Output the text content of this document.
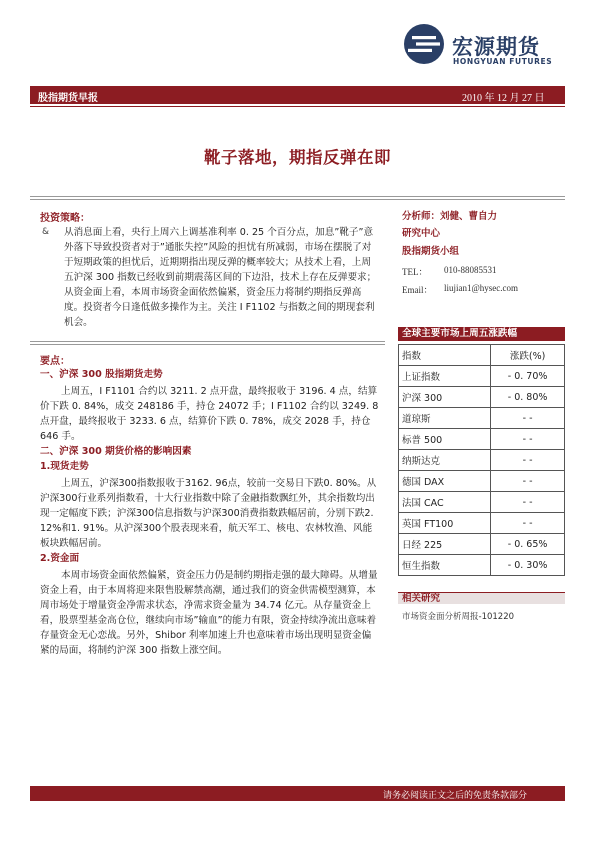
宏源期货
HONGYUAN FUTURES
股指期货早报	2010 年 12 月 27 日
靴子落地，期指反弹在即
投资策略：
& 从消息面上看，央行上周六上调基准利率 0. 25 个百分点，加息”靴子”意外落下导致投资者对于”通胀失控”风险的担忧有所减弱，市场在摆脱了对于短期政策的担忧后，近期期指出现反弹的概率较大；从技术上看，上周五沪深 300 指数已经收到前期震荡区间的下边沿，技术上存在反弹要求；从资金面上看，本周市场资金面依然偏紧，资金压力将制约期指反弹高度。投资者今日逢低做多操作为主。关注 I F1102 与指数之间的期现套利机会。
要点：
一、沪深 300 股指期货走势
上周五，I F1101 合约以 3211. 2 点开盘，最终报收于 3196. 4 点，结算价下跌 0. 84%，成交 248186 手，持仓 24072 手；I F1102 合约以 3249. 8 点开盘，最终报收于 3233. 6 点，结算价下跌 0. 78%，成交 2028 手，持仓 646 手。
二、沪深 300 期货价格的影响因素
1.现货走势
上周五，沪深300指数报收于3162. 96点，较前一交易日下跌0. 80%。从沪深300行业系列指数看，十大行业指数中除了金融指数飘红外，其余指数均出现一定幅度下跌；沪深300信息指数与沪深300消费指数跌幅居前，分别下跌2. 12%和1. 91%。从沪深300个股表现来看，航天军工、核电、农林牧渔、风能板块跌幅居前。
2.资金面
本周市场资金面依然偏紧，资金压力仍是制约期指走强的最大障碍。从增量资金上看，由于本周将迎来限售股解禁高潮，通过我们的资金供需模型测算，本周市场处于增量资金净需求状态，净需求资金量为 34.74 亿元。从存量资金上看，股票型基金高仓位，继续向市场”输血”的能力有限，资金持续净流出意味着存量资金无心恋战。另外，Shibor 利率加速上升也意味着市场出现明显资金偏紧的局面，将制约沪深 300 指数上涨空间。
分析师：刘健、曹自力
研究中心
股指期货小组
TEL： 010-88085531
Email： liujian1@hysec.com
全球主要市场上周五涨跌幅
指数	涨跌(%)
上证指数	- 0. 70%
沪深 300	- 0. 80%
道琼斯	- -
标普 500	- -
纳斯达克	- -
德国 DAX	- -
法国 CAC	- -
英国 FT100	- -
日经 225	- 0. 65%
恒生指数	- 0. 30%
相关研究
市场资金面分析周报-101220
请务必阅读正文之后的免责条款部分
